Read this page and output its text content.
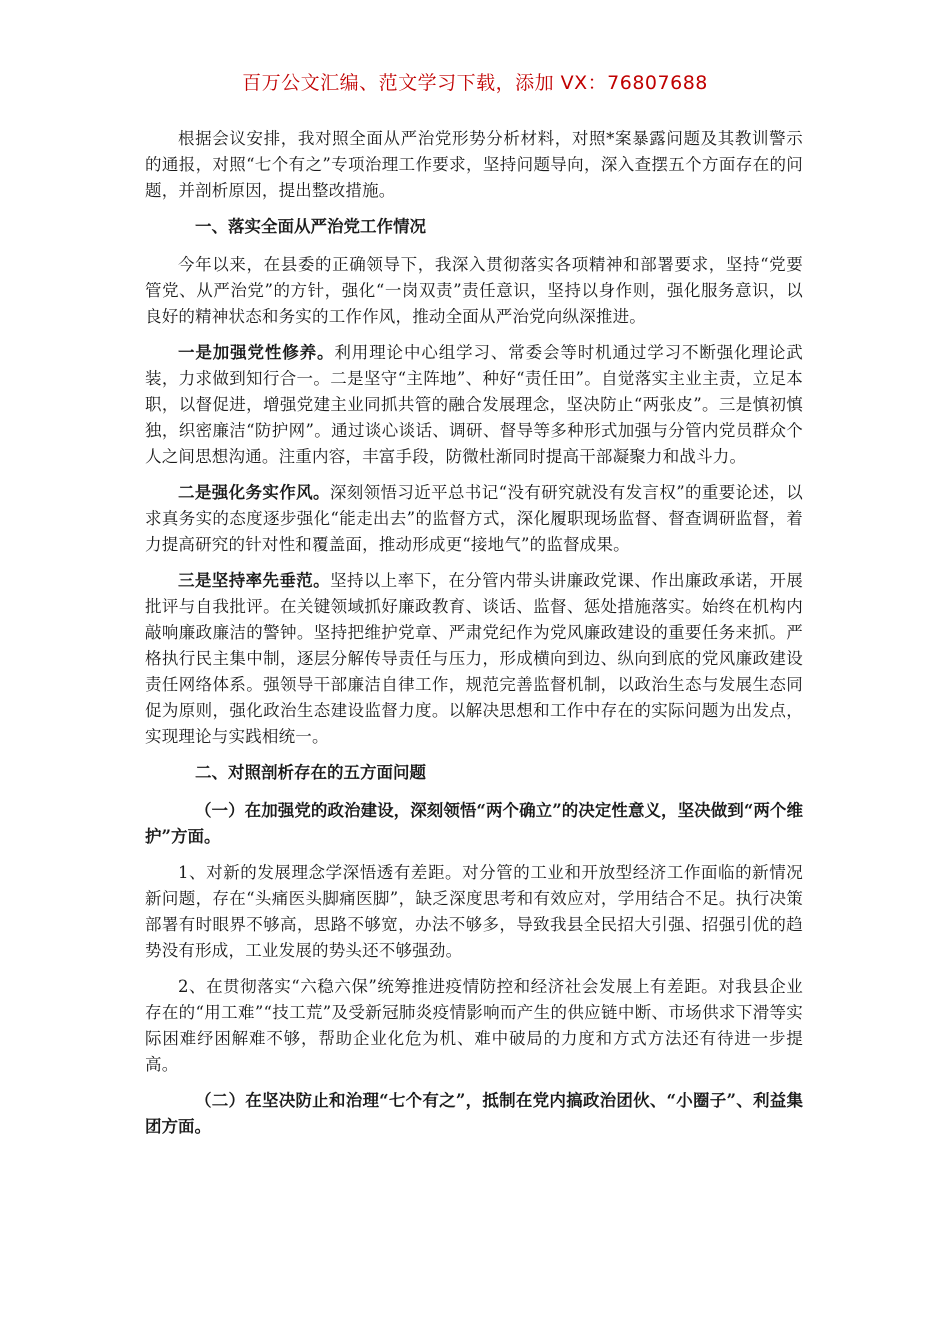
百万公文汇编、范文学习下载，添加 VX：76807688

根据会议安排，我对照全面从严治党形势分析材料，对照*案暴露问题及其教训警示的通报，对照“七个有之”专项治理工作要求，坚持问题导向，深入查摆五个方面存在的问题，并剖析原因，提出整改措施。

一、落实全面从严治党工作情况

今年以来，在县委的正确领导下，我深入贯彻落实各项精神和部署要求，坚持“党要管党、从严治党”的方针，强化“一岗双责”责任意识，坚持以身作则，强化服务意识，以良好的精神状态和务实的工作作风，推动全面从严治党向纵深推进。

一是加强党性修养。利用理论中心组学习、常委会等时机通过学习不断强化理论武装，力求做到知行合一。二是坚守“主阵地”、种好“责任田”。自觉落实主业主责，立足本职，以督促进，增强党建主业同抓共管的融合发展理念，坚决防止“两张皮”。三是慎初慎独，织密廉洁“防护网”。通过谈心谈话、调研、督导等多种形式加强与分管内党员群众个人之间思想沟通。注重内容，丰富手段，防微杜渐同时提高干部凝聚力和战斗力。

二是强化务实作风。深刻领悟习近平总书记“没有研究就没有发言权”的重要论述，以求真务实的态度逐步强化“能走出去”的监督方式，深化履职现场监督、督查调研监督，着力提高研究的针对性和覆盖面，推动形成更“接地气”的监督成果。

三是坚持率先垂范。坚持以上率下，在分管内带头讲廉政党课、作出廉政承诺，开展批评与自我批评。在关键领域抓好廉政教育、谈话、监督、惩处措施落实。始终在机构内敲响廉政廉洁的警钟。坚持把维护党章、严肃党纪作为党风廉政建设的重要任务来抓。严格执行民主集中制，逐层分解传导责任与压力，形成横向到边、纵向到底的党风廉政建设责任网络体系。强领导干部廉洁自律工作，规范完善监督机制，以政治生态与发展生态同促为原则，强化政治生态建设监督力度。以解决思想和工作中存在的实际问题为出发点，实现理论与实践相统一。

二、对照剖析存在的五方面问题

（一）在加强党的政治建设，深刻领悟“两个确立”的决定性意义，坚决做到“两个维护”方面。

1、对新的发展理念学深悟透有差距。对分管的工业和开放型经济工作面临的新情况新问题，存在“头痛医头脚痛医脚”，缺乏深度思考和有效应对，学用结合不足。执行决策部署有时眼界不够高，思路不够宽，办法不够多，导致我县全民招大引强、招强引优的趋势没有形成，工业发展的势头还不够强劲。

2、在贯彻落实“六稳六保”统筹推进疫情防控和经济社会发展上有差距。对我县企业存在的“用工难”“技工荒”及受新冠肺炎疫情影响而产生的供应链中断、市场供求下滑等实际困难纾困解难不够，帮助企业化危为机、难中破局的力度和方式方法还有待进一步提高。

（二）在坚决防止和治理“七个有之”，抵制在党内搞政治团伙、“小圈子”、利益集团方面。
